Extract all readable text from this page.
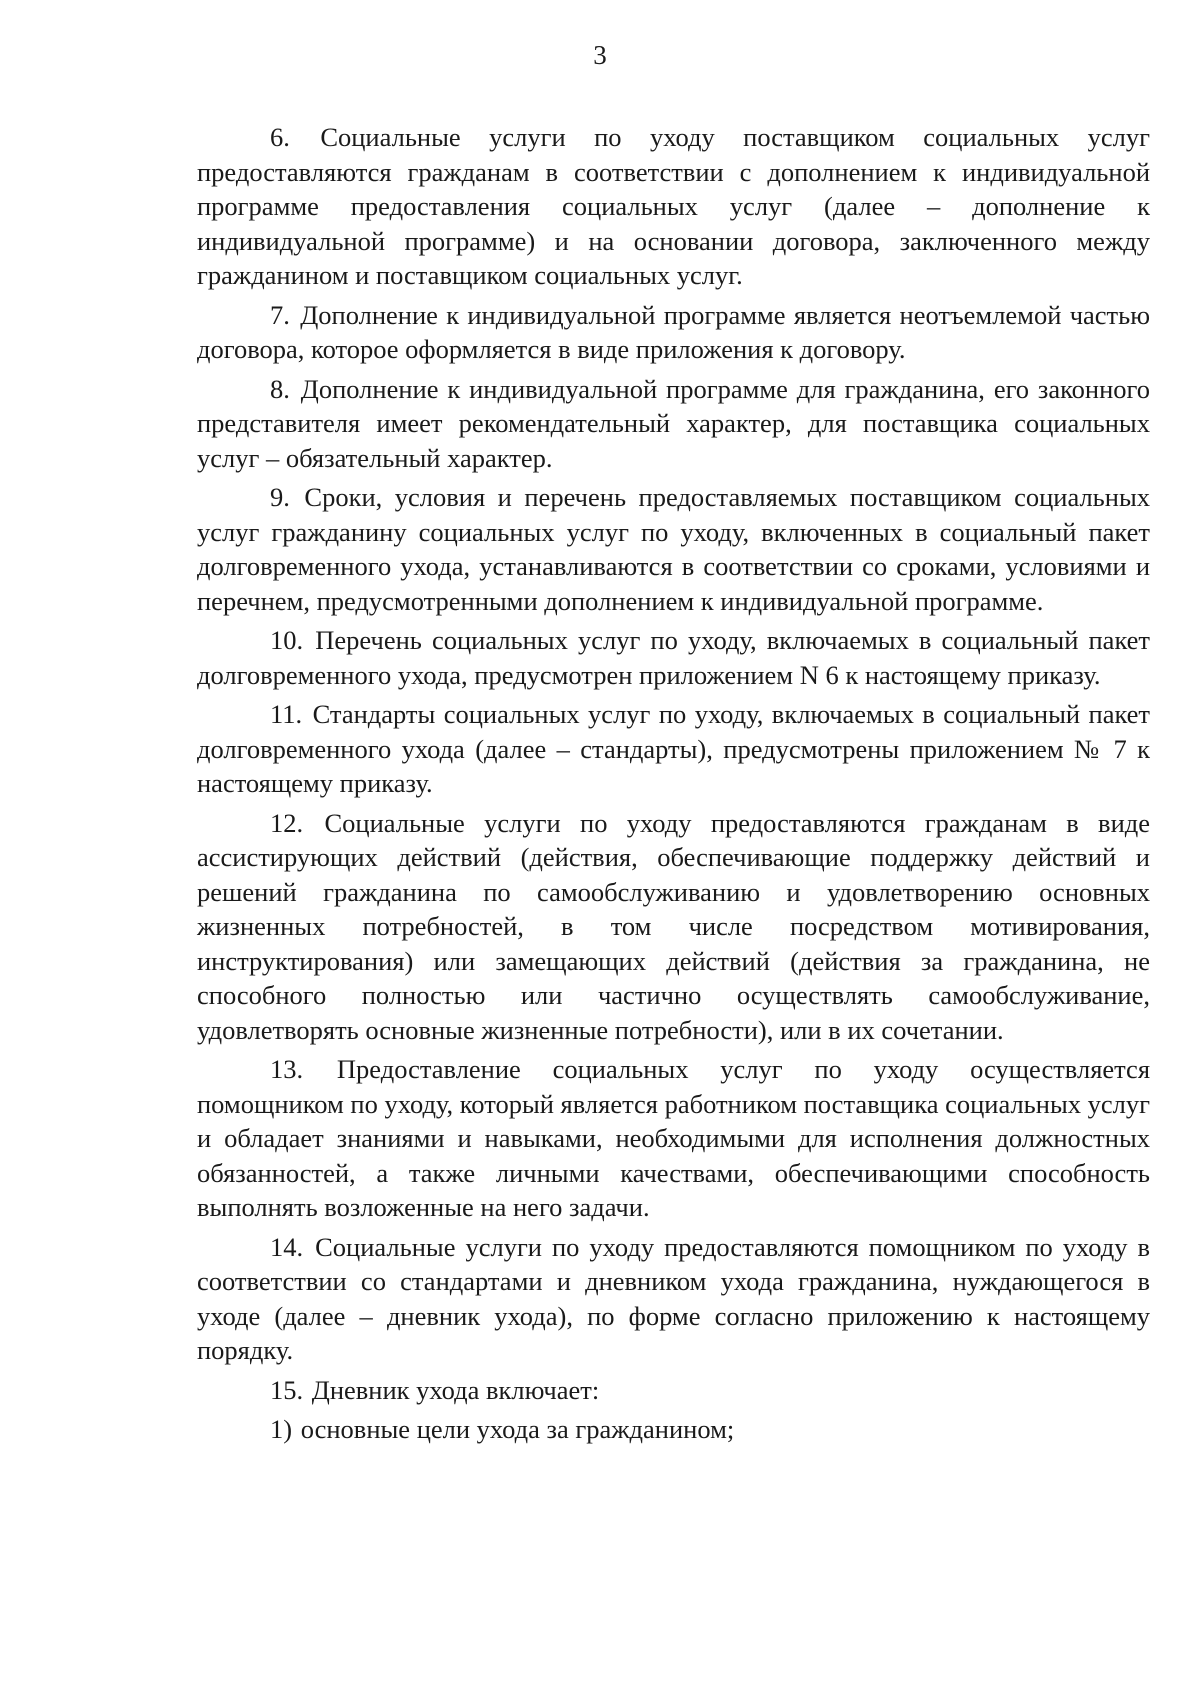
3

6. Социальные услуги по уходу поставщиком социальных услуг предоставляются гражданам в соответствии с дополнением к индивидуальной программе предоставления социальных услуг (далее – дополнение к индивидуальной программе) и на основании договора, заключенного между гражданином и поставщиком социальных услуг.

7. Дополнение к индивидуальной программе является неотъемлемой частью договора, которое оформляется в виде приложения к договору.

8. Дополнение к индивидуальной программе для гражданина, его законного представителя имеет рекомендательный характер, для поставщика социальных услуг – обязательный характер.

9. Сроки, условия и перечень предоставляемых поставщиком социальных услуг гражданину социальных услуг по уходу, включенных в социальный пакет долговременного ухода, устанавливаются в соответствии со сроками, условиями и перечнем, предусмотренными дополнением к индивидуальной программе.

10. Перечень социальных услуг по уходу, включаемых в социальный пакет долговременного ухода, предусмотрен приложением N 6 к настоящему приказу.

11. Стандарты социальных услуг по уходу, включаемых в социальный пакет долговременного ухода (далее – стандарты), предусмотрены приложением № 7 к настоящему приказу.

12. Социальные услуги по уходу предоставляются гражданам в виде ассистирующих действий (действия, обеспечивающие поддержку действий и решений гражданина по самообслуживанию и удовлетворению основных жизненных потребностей, в том числе посредством мотивирования, инструктирования) или замещающих действий (действия за гражданина, не способного полностью или частично осуществлять самообслуживание, удовлетворять основные жизненные потребности), или в их сочетании.

13. Предоставление социальных услуг по уходу осуществляется помощником по уходу, который является работником поставщика социальных услуг и обладает знаниями и навыками, необходимыми для исполнения должностных обязанностей, а также личными качествами, обеспечивающими способность выполнять возложенные на него задачи.

14. Социальные услуги по уходу предоставляются помощником по уходу в соответствии со стандартами и дневником ухода гражданина, нуждающегося в уходе (далее – дневник ухода), по форме согласно приложению к настоящему порядку.

15. Дневник ухода включает:

1) основные цели ухода за гражданином;
